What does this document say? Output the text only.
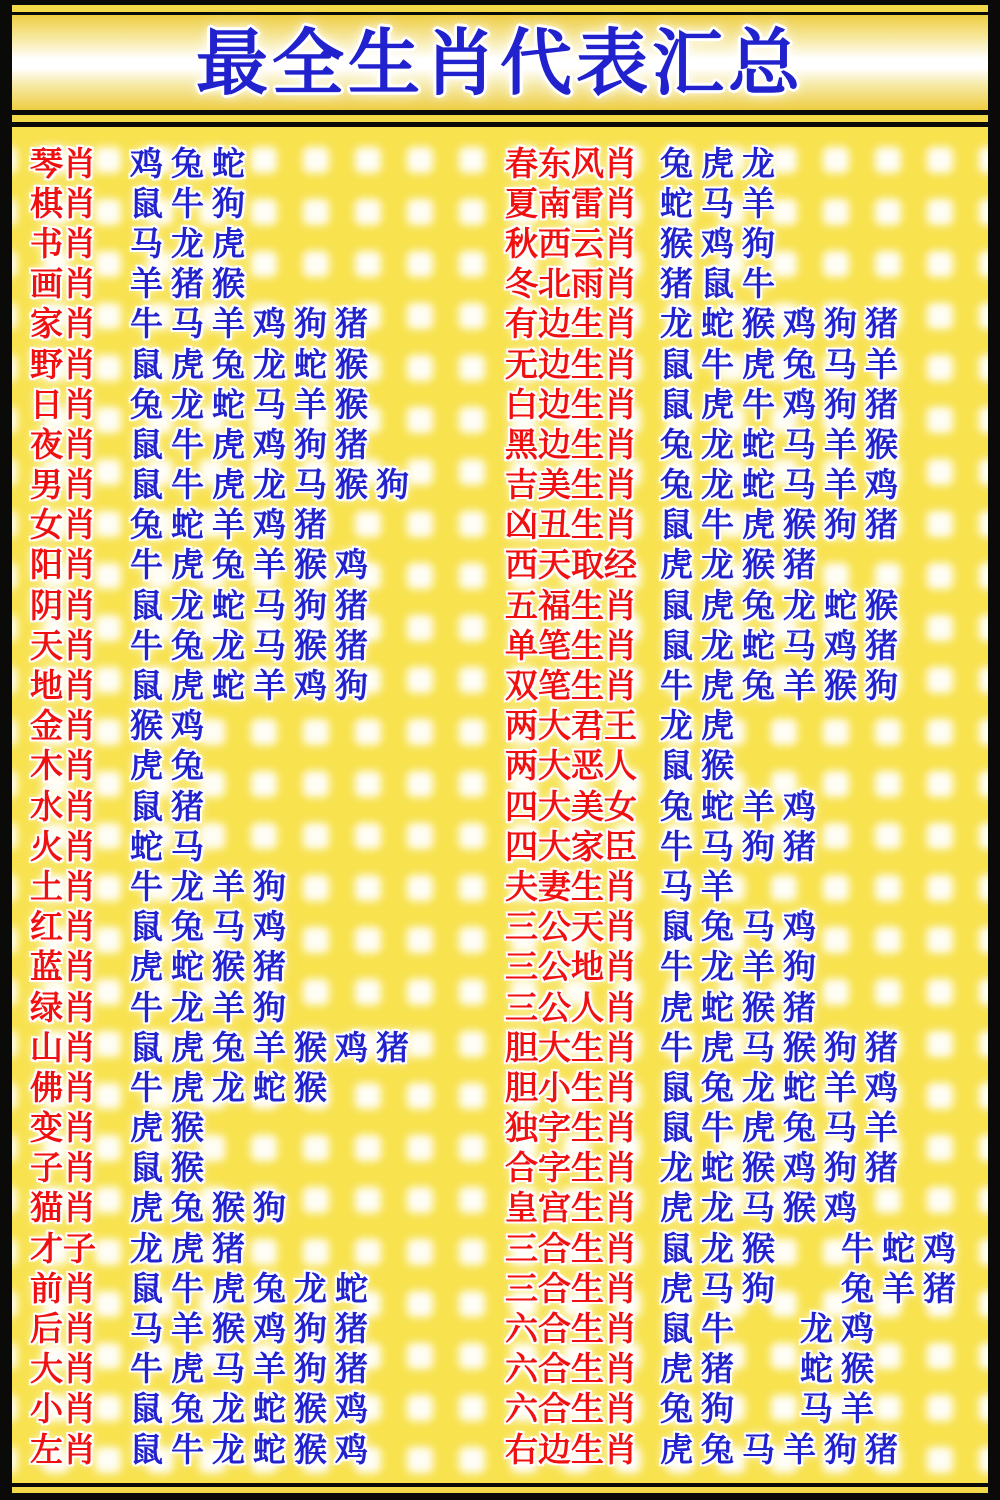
最全生肖代表汇总
琴肖	鸡 兔 蛇	春东风肖 兔 虎 龙
棋肖	鼠 牛 狗	夏南雷肖 蛇 马 羊
书肖	马 龙 虎	秋西云肖 猴 鸡 狗
画肖	羊 猪 猴	冬北雨肖 猪 鼠 牛
家肖	牛 马 羊 鸡 狗 猪	有边生肖 龙 蛇 猴 鸡 狗 猪
野肖	鼠 虎 兔 龙 蛇 猴	无边生肖 鼠 牛 虎 兔 马 羊
日肖	兔 龙 蛇 马 羊 猴	白边生肖 鼠 虎 牛 鸡 狗 猪
夜肖	鼠 牛 虎 鸡 狗 猪	黑边生肖 兔 龙 蛇 马 羊 猴
男肖	鼠 牛 虎 龙 马 猴 狗	吉美生肖 兔 龙 蛇 马 羊 鸡
女肖	兔 蛇 羊 鸡 猪	凶丑生肖 鼠 牛 虎 猴 狗 猪
阳肖	牛 虎 兔 羊 猴 鸡	西天取经 虎 龙 猴 猪
阴肖	鼠 龙 蛇 马 狗 猪	五福生肖 鼠 虎 兔 龙 蛇 猴
天肖	牛 兔 龙 马 猴 猪	单笔生肖 鼠 龙 蛇 马 鸡 猪
地肖	鼠 虎 蛇 羊 鸡 狗	双笔生肖 牛 虎 兔 羊 猴 狗
金肖	猴 鸡	两大君王 龙 虎
木肖	虎 兔	两大恶人 鼠 猴
水肖	鼠 猪	四大美女 兔 蛇 羊 鸡
火肖	蛇 马	四大家臣 牛 马 狗 猪
土肖	牛 龙 羊 狗	夫妻生肖 马 羊
红肖	鼠 兔 马 鸡	三公天肖 鼠 兔 马 鸡
蓝肖	虎 蛇 猴 猪	三公地肖 牛 龙 羊 狗
绿肖	牛 龙 羊 狗	三公人肖 虎 蛇 猴 猪
山肖	鼠 虎 兔 羊 猴 鸡 猪	胆大生肖 牛 虎 马 猴 狗 猪
佛肖	牛 虎 龙 蛇 猴	胆小生肖 鼠 兔 龙 蛇 羊 鸡
变肖	虎 猴	独字生肖 鼠 牛 虎 兔 马 羊
子肖	鼠 猴	合字生肖 龙 蛇 猴 鸡 狗 猪
猫肖	虎 兔 猴 狗	皇宫生肖 虎 龙 马 猴 鸡
才子	龙 虎 猪	三合生肖 鼠 龙 猴 牛 蛇 鸡
前肖	鼠 牛 虎 兔 龙 蛇	三合生肖 虎 马 狗 兔 羊 猪
后肖	马 羊 猴 鸡 狗 猪	六合生肖 鼠 牛 龙 鸡
大肖	牛 虎 马 羊 狗 猪	六合生肖 虎 猪 蛇 猴
小肖	鼠 兔 龙 蛇 猴 鸡	六合生肖 兔 狗 马 羊
左肖	鼠 牛 龙 蛇 猴 鸡	右边生肖 虎 兔 马 羊 狗 猪
